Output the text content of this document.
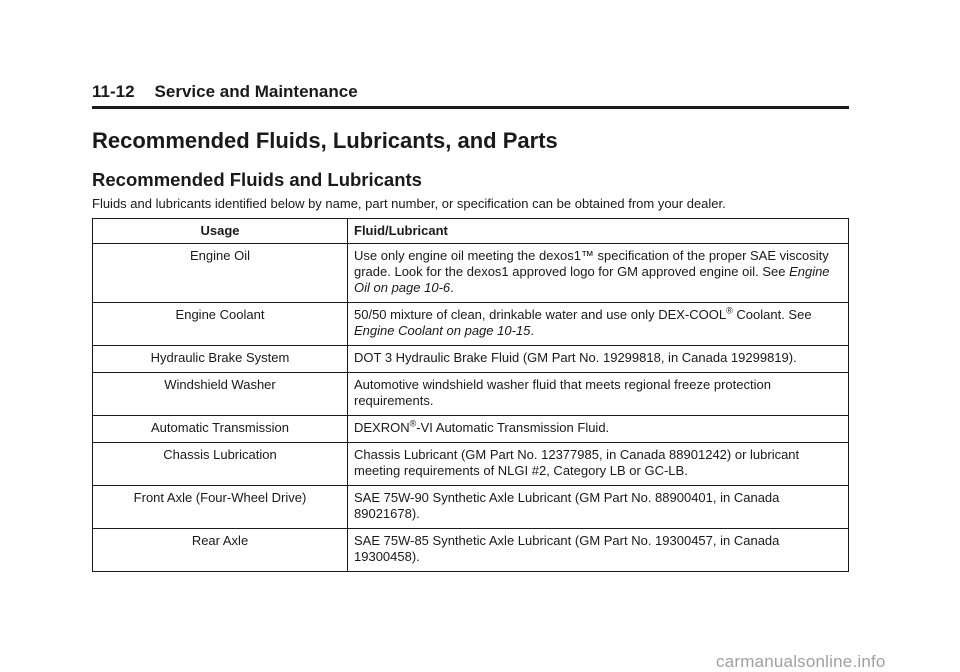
11-12 Service and Maintenance
Recommended Fluids, Lubricants, and Parts
Recommended Fluids and Lubricants

Fluids and lubricants identified below by name, part number, or specification can be obtained from your dealer.

Usage	Fluid/Lubricant
Engine Oil	Use only engine oil meeting the dexos1™ specification of the proper SAE viscosity grade. Look for the dexos1 approved logo for GM approved engine oil. See Engine Oil on page 10-6.
Engine Coolant	50/50 mixture of clean, drinkable water and use only DEX-COOL® Coolant. See Engine Coolant on page 10-15.
Hydraulic Brake System	DOT 3 Hydraulic Brake Fluid (GM Part No. 19299818, in Canada 19299819).
Windshield Washer	Automotive windshield washer fluid that meets regional freeze protection requirements.
Automatic Transmission	DEXRON®-VI Automatic Transmission Fluid.
Chassis Lubrication	Chassis Lubricant (GM Part No. 12377985, in Canada 88901242) or lubricant meeting requirements of NLGI #2, Category LB or GC-LB.
Front Axle (Four-Wheel Drive)	SAE 75W-90 Synthetic Axle Lubricant (GM Part No. 88900401, in Canada 89021678).
Rear Axle	SAE 75W-85 Synthetic Axle Lubricant (GM Part No. 19300457, in Canada 19300458).
carmanualsonline.info
